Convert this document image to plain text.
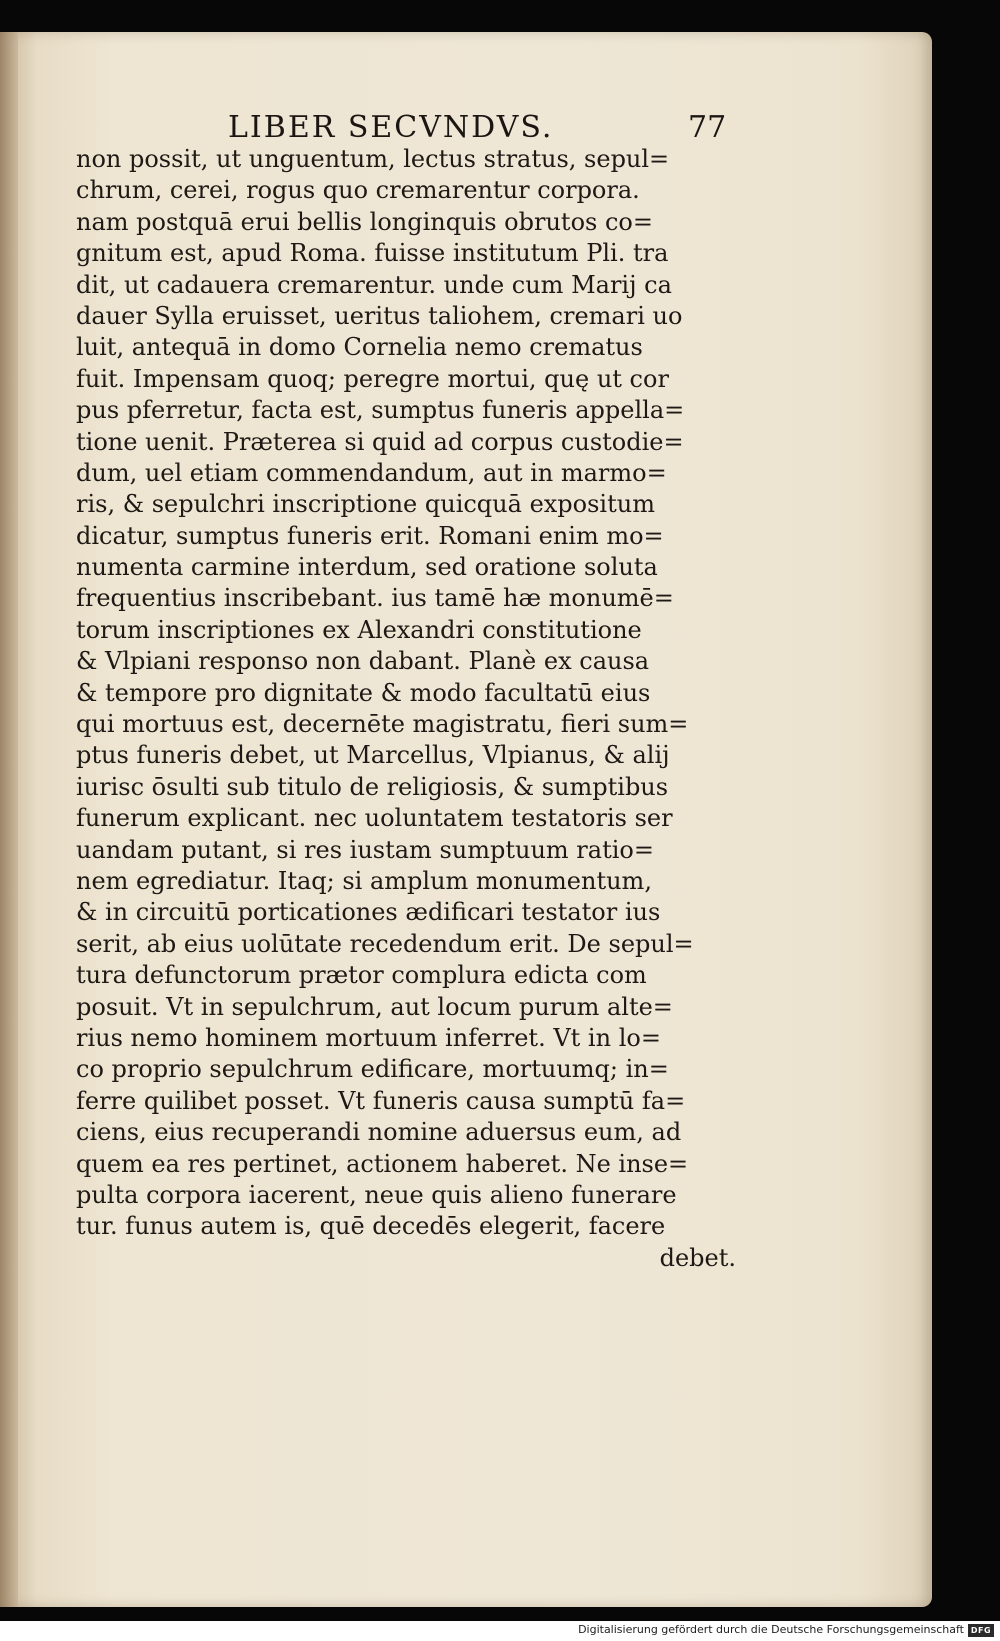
LIBER SECVNDVS.	77
non possit, ut unguentum, lectus stratus, sepul=
chrum, cerei, rogus quo cremarentur corpora.
nam postquā erui bellis longinquis obrutos co=
gnitum est, apud Roma. fuisse institutum Pli. tra
dit, ut cadauera cremarentur. unde cum Marij ca
dauer Sylla eruisset, ueritus taliohem, cremari uo
luit, antequā in domo Cornelia nemo crematus
fuit. Impensam quoq; peregre mortui, quę ut cor
pus pferretur, facta est, sumptus funeris appella=
tione uenit. Præterea si quid ad corpus custodie=
dum, uel etiam commendandum, aut in marmo=
ris, & sepulchri inscriptione quicquā expositum
dicatur, sumptus funeris erit. Romani enim mo=
numenta carmine interdum, sed oratione soluta
frequentius inscribebant. ius tamē hæ monumē=
torum inscriptiones ex Alexandri constitutione
& Vlpiani responso non dabant. Planè ex causa
& tempore pro dignitate & modo facultatū eius
qui mortuus est, decernēte magistratu, fieri sum=
ptus funeris debet, ut Marcellus, Vlpianus, & alij
iurisc ōsulti sub titulo de religiosis, & sumptibus
funerum explicant. nec uoluntatem testatoris ser
uandam putant, si res iustam sumptuum ratio=
nem egrediatur. Itaq; si amplum monumentum,
& in circuitū porticationes ædificari testator ius
serit, ab eius uolūtate recedendum erit. De sepul=
tura defunctorum prætor complura edicta com
posuit. Vt in sepulchrum, aut locum purum alte=
rius nemo hominem mortuum inferret. Vt in lo=
co proprio sepulchrum edificare, mortuumq; in=
ferre quilibet posset. Vt funeris causa sumptū fa=
ciens, eius recuperandi nomine aduersus eum, ad
quem ea res pertinet, actionem haberet. Ne inse=
pulta corpora iacerent, neue quis alieno funerare
tur. funus autem is, quē decedēs elegerit, facere
debet.
Digitalisierung gefördert durch die Deutsche Forschungsgemeinschaft DFG
